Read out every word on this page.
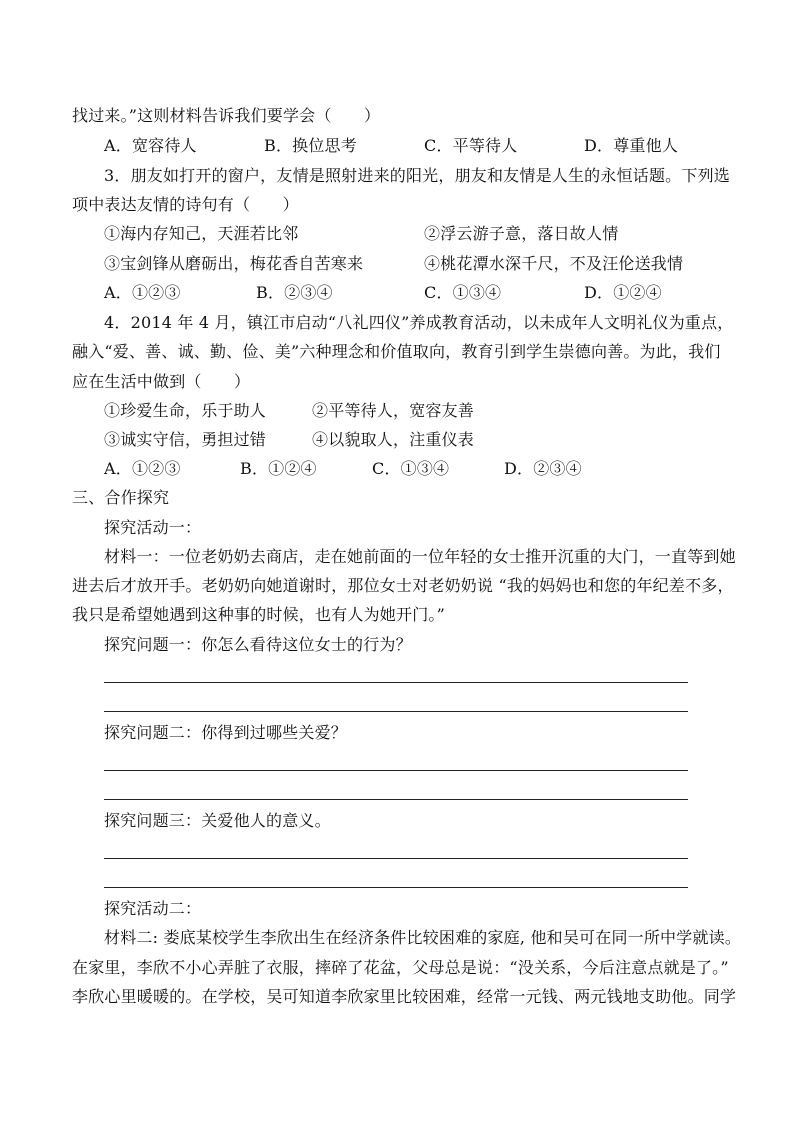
找过来。”这则材料告诉我们要学会（　　）
A．宽容待人	B．换位思考	C．平等待人	D．尊重他人
3．朋友如打开的窗户，友情是照射进来的阳光，朋友和友情是人生的永恒话题。下列选
项中表达友情的诗句有（　　）
①海内存知己，天涯若比邻	②浮云游子意，落日故人情
③宝剑锋从磨砺出，梅花香自苦寒来	④桃花潭水深千尺，不及汪伦送我情
A．①②③	B．②③④	C．①③④	D．①②④
4．2014 年 4 月，镇江市启动“八礼四仪”养成教育活动，以未成年人文明礼仪为重点，
融入“爱、善、诚、勤、俭、美”六种理念和价值取向，教育引到学生崇德向善。为此，我们
应在生活中做到（　　）
①珍爱生命，乐于助人	②平等待人，宽容友善
③诚实守信，勇担过错	④以貌取人，注重仪表
A．①②③	B．①②④	C．①③④	D．②③④
三、合作探究
探究活动一：
材料一：一位老奶奶去商店，走在她前面的一位年轻的女士推开沉重的大门，一直等到她
进去后才放开手。老奶奶向她道谢时，那位女士对老奶奶说 “我的妈妈也和您的年纪差不多，
我只是希望她遇到这种事的时候，也有人为她开门。”
探究问题一：你怎么看待这位女士的行为？
探究问题二：你得到过哪些关爱？
探究问题三：关爱他人的意义。
探究活动二：
材料二: 娄底某校学生李欣出生在经济条件比较困难的家庭, 他和吴可在同一所中学就读。
在家里，李欣不小心弄脏了衣服，摔碎了花盆，父母总是说：“没关系，今后注意点就是了。”
李欣心里暖暖的。在学校，吴可知道李欣家里比较困难，经常一元钱、两元钱地支助他。同学
